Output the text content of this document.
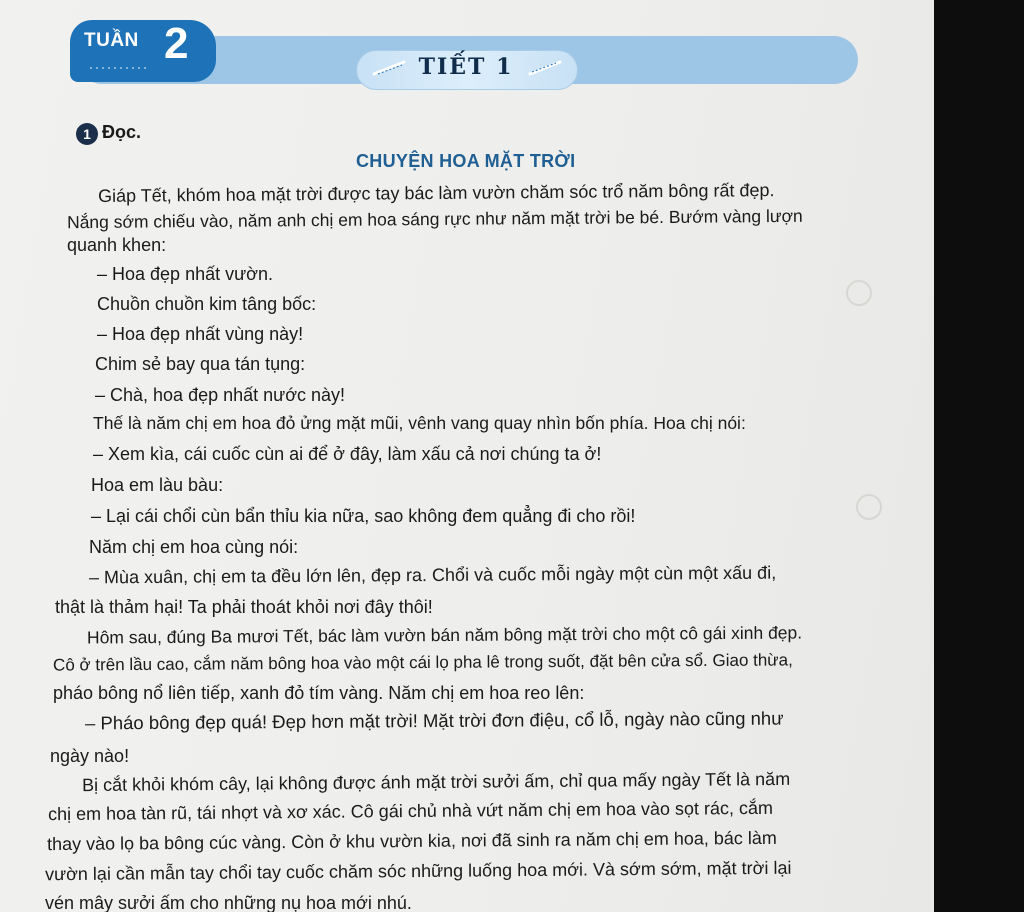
TUẦN 2	TIẾT 1
1 Đọc.
CHUYỆN HOA MẶT TRỜI
Giáp Tết, khóm hoa mặt trời được tay bác làm vườn chăm sóc trổ năm bông rất đẹp.
Nắng sớm chiếu vào, năm anh chị em hoa sáng rực như năm mặt trời be bé. Bướm vàng lượn
quanh khen:
– Hoa đẹp nhất vườn.
Chuồn chuồn kim tâng bốc:
– Hoa đẹp nhất vùng này!
Chim sẻ bay qua tán tụng:
– Chà, hoa đẹp nhất nước này!
Thế là năm chị em hoa đỏ ửng mặt mũi, vênh vang quay nhìn bốn phía. Hoa chị nói:
– Xem kìa, cái cuốc cùn ai để ở đây, làm xấu cả nơi chúng ta ở!
Hoa em làu bàu:
– Lại cái chổi cùn bẩn thỉu kia nữa, sao không đem quẳng đi cho rồi!
Năm chị em hoa cùng nói:
– Mùa xuân, chị em ta đều lớn lên, đẹp ra. Chổi và cuốc mỗi ngày một cùn một xấu đi,
thật là thảm hại! Ta phải thoát khỏi nơi đây thôi!
Hôm sau, đúng Ba mươi Tết, bác làm vườn bán năm bông mặt trời cho một cô gái xinh đẹp.
Cô ở trên lầu cao, cắm năm bông hoa vào một cái lọ pha lê trong suốt, đặt bên cửa sổ. Giao thừa,
pháo bông nổ liên tiếp, xanh đỏ tím vàng. Năm chị em hoa reo lên:
– Pháo bông đẹp quá! Đẹp hơn mặt trời! Mặt trời đơn điệu, cổ lỗ, ngày nào cũng như
ngày nào!
Bị cắt khỏi khóm cây, lại không được ánh mặt trời sưởi ấm, chỉ qua mấy ngày Tết là năm
chị em hoa tàn rũ, tái nhợt và xơ xác. Cô gái chủ nhà vứt năm chị em hoa vào sọt rác, cắm
thay vào lọ ba bông cúc vàng. Còn ở khu vườn kia, nơi đã sinh ra năm chị em hoa, bác làm
vườn lại cần mẫn tay chổi tay cuốc chăm sóc những luống hoa mới. Và sớm sớm, mặt trời lại
vén mây sưởi ấm cho những nụ hoa mới nhú.
